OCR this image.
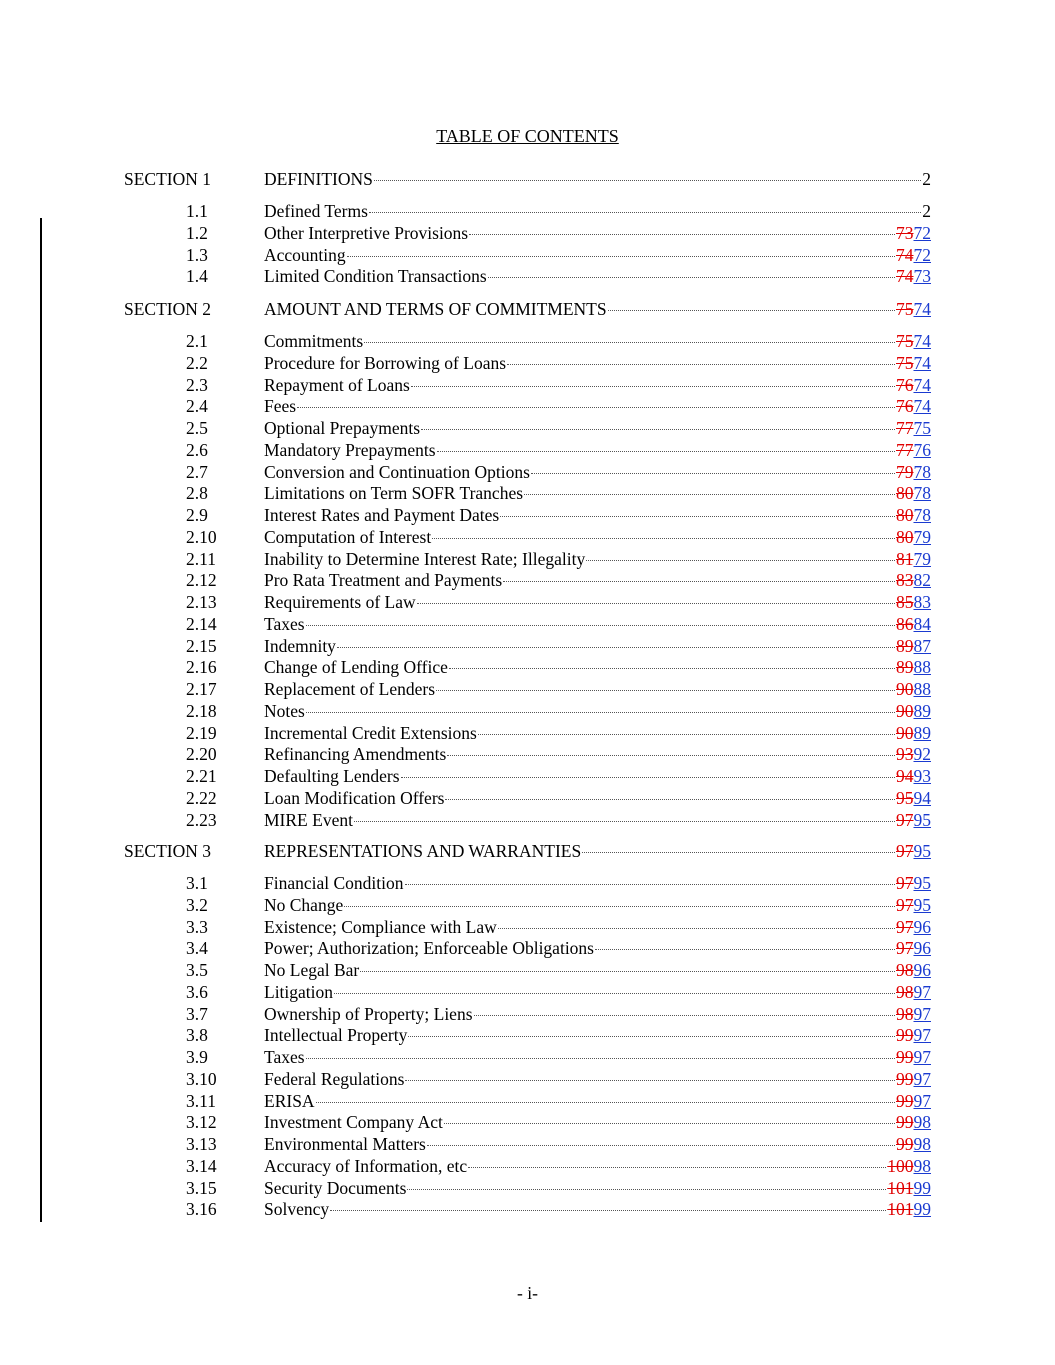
TABLE OF CONTENTS
SECTION 1	DEFINITIONS	2
1.1	Defined Terms	2
1.2	Other Interpretive Provisions	7372
1.3	Accounting	7472
1.4	Limited Condition Transactions	7473
SECTION 2	AMOUNT AND TERMS OF COMMITMENTS	7574
2.1	Commitments	7574
2.2	Procedure for Borrowing of Loans	7574
2.3	Repayment of Loans	7674
2.4	Fees	7674
2.5	Optional Prepayments	7775
2.6	Mandatory Prepayments	7776
2.7	Conversion and Continuation Options	7978
2.8	Limitations on Term SOFR Tranches	8078
2.9	Interest Rates and Payment Dates	8078
2.10	Computation of Interest	8079
2.11	Inability to Determine Interest Rate; Illegality	8179
2.12	Pro Rata Treatment and Payments	8382
2.13	Requirements of Law	8583
2.14	Taxes	8684
2.15	Indemnity	8987
2.16	Change of Lending Office	8988
2.17	Replacement of Lenders	9088
2.18	Notes	9089
2.19	Incremental Credit Extensions	9089
2.20	Refinancing Amendments	9392
2.21	Defaulting Lenders	9493
2.22	Loan Modification Offers	9594
2.23	MIRE Event	9795
SECTION 3	REPRESENTATIONS AND WARRANTIES	9795
3.1	Financial Condition	9795
3.2	No Change	9795
3.3	Existence; Compliance with Law	9796
3.4	Power; Authorization; Enforceable Obligations	9796
3.5	No Legal Bar	9896
3.6	Litigation	9897
3.7	Ownership of Property; Liens	9897
3.8	Intellectual Property	9997
3.9	Taxes	9997
3.10	Federal Regulations	9997
3.11	ERISA	9997
3.12	Investment Company Act	9998
3.13	Environmental Matters	9998
3.14	Accuracy of Information, etc	10098
3.15	Security Documents	10199
3.16	Solvency	10199
- i-
